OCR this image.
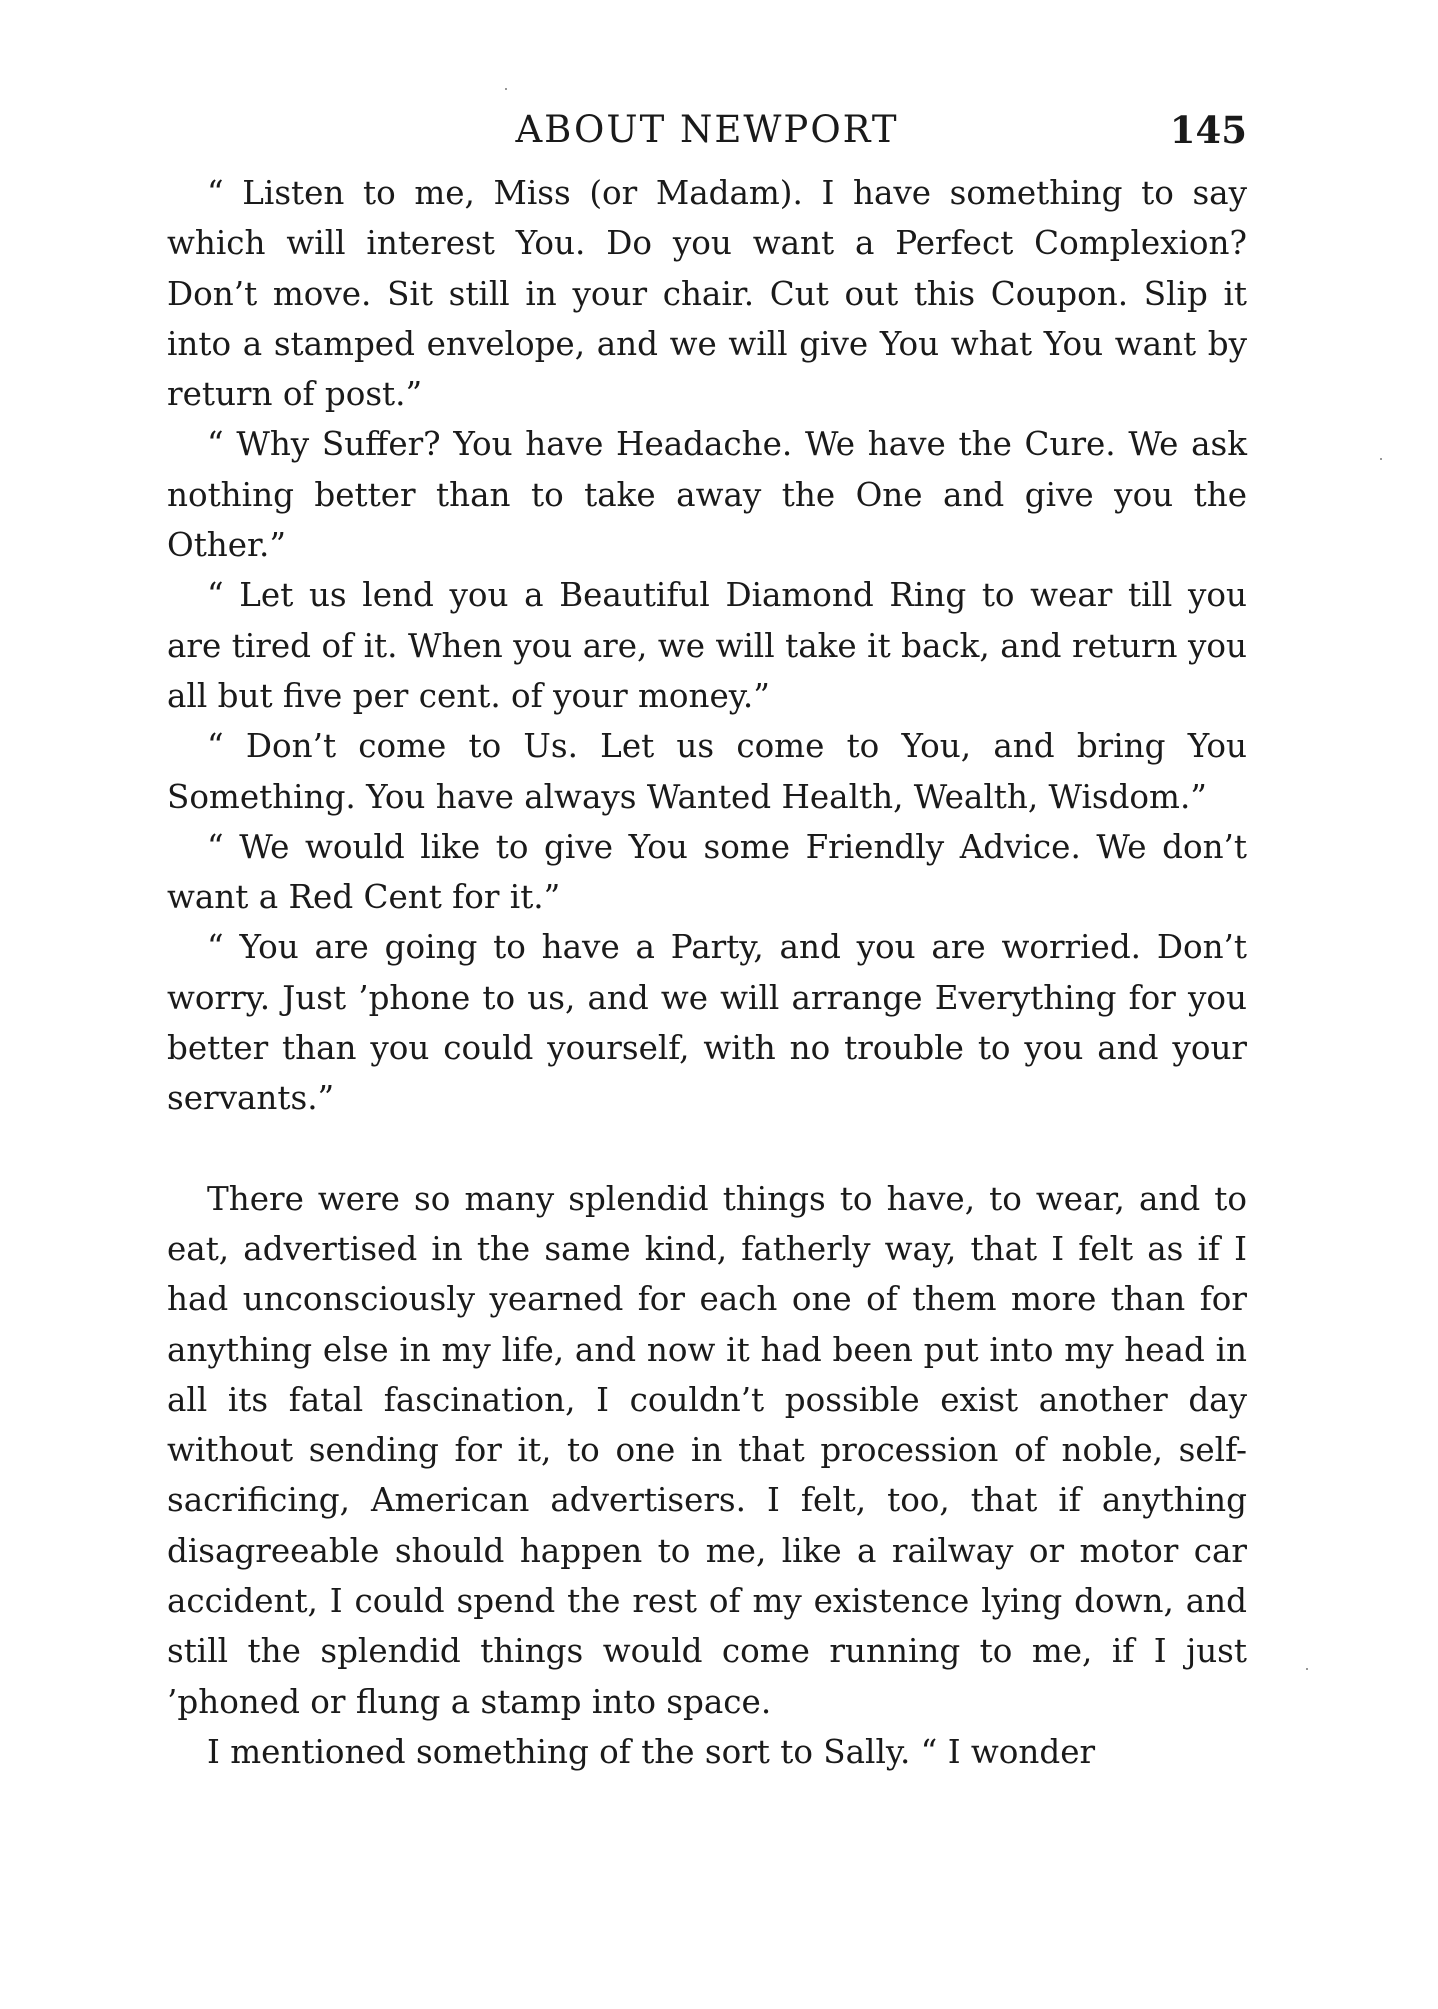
ABOUT NEWPORT	145

“ Listen to me, Miss (or Madam). I have something to say which will interest You. Do you want a Perfect Complexion? Don’t move. Sit still in your chair. Cut out this Coupon. Slip it into a stamped envelope, and we will give You what You want by return of post.”

“ Why Suffer? You have Headache. We have the Cure. We ask nothing better than to take away the One and give you the Other.”

“ Let us lend you a Beautiful Diamond Ring to wear till you are tired of it. When you are, we will take it back, and return you all but five per cent. of your money.”

“ Don’t come to Us. Let us come to You, and bring You Something. You have always Wanted Health, Wealth, Wisdom.”

“ We would like to give You some Friendly Advice. We don’t want a Red Cent for it.”

“ You are going to have a Party, and you are worried. Don’t worry. Just ’phone to us, and we will arrange Everything for you better than you could yourself, with no trouble to you and your servants.”

There were so many splendid things to have, to wear, and to eat, advertised in the same kind, fatherly way, that I felt as if I had unconsciously yearned for each one of them more than for anything else in my life, and now it had been put into my head in all its fatal fascination, I couldn’t possible exist another day without sending for it, to one in that procession of noble, self-sacrificing, American advertisers. I felt, too, that if anything disagreeable should happen to me, like a railway or motor car accident, I could spend the rest of my existence lying down, and still the splendid things would come running to me, if I just ’phoned or flung a stamp into space.

I mentioned something of the sort to Sally. “ I wonder
